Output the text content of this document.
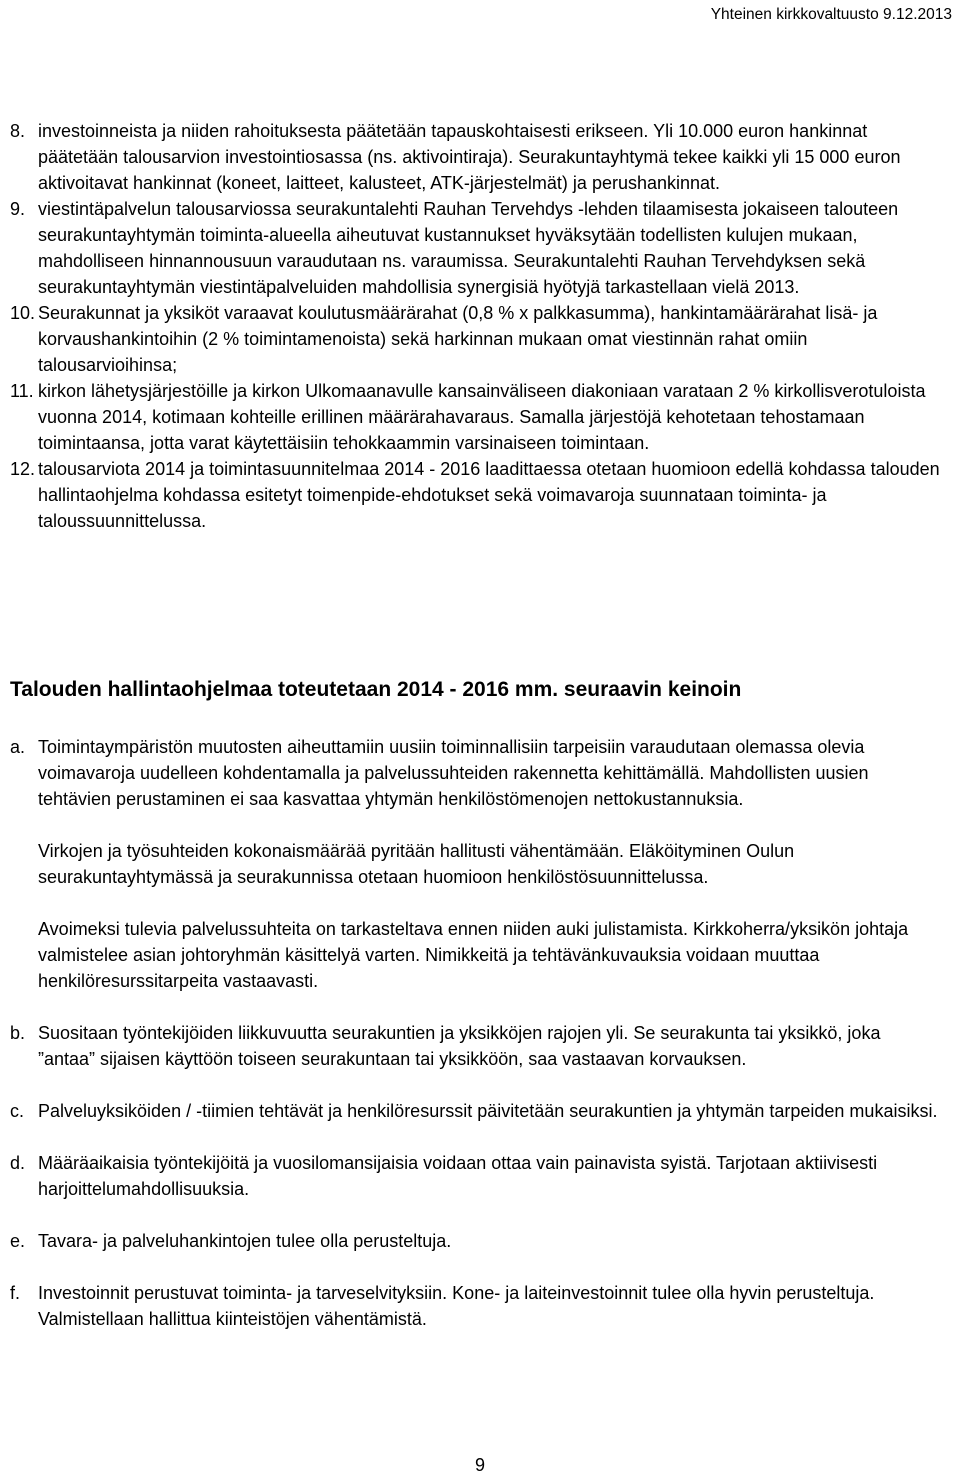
Yhteinen kirkkovaltuusto 9.12.2013
8. investoinneista ja niiden rahoituksesta päätetään tapauskohtaisesti erikseen. Yli 10.000 euron hankinnat päätetään talousarvion investointiosassa (ns. aktivointiraja). Seurakuntayhtymä tekee kaikki yli 15 000 euron aktivoitavat hankinnat (koneet, laitteet, kalusteet, ATK-järjestelmät) ja perushankinnat.
9. viestintäpalvelun talousarviossa seurakuntalehti Rauhan Tervehdys -lehden tilaamisesta jokaiseen talouteen seurakuntayhtymän toiminta-alueella aiheutuvat kustannukset hyväksytään todellisten kulujen mukaan, mahdolliseen hinnannousuun varaudutaan ns. varaumissa. Seurakuntalehti Rauhan Tervehdyksen sekä seurakuntayhtymän viestintäpalveluiden mahdollisia synergisiä hyötyjä tarkastellaan vielä 2013.
10. Seurakunnat ja yksiköt varaavat koulutusmäärärahat (0,8 % x palkkasumma), hankintamäärärahat lisä- ja korvaushankintoihin (2 % toimintamenoista) sekä harkinnan mukaan omat viestinnän rahat omiin talousarvioihinsa;
11. kirkon lähetysjärjestöille ja kirkon Ulkomaanavulle kansainväliseen diakoniaan varataan 2 % kirkollisverotuloista vuonna 2014, kotimaan kohteille erillinen määrärahavaraus. Samalla järjestöjä kehotetaan tehostamaan toimintaansa, jotta varat käytettäisiin tehokkaammin varsinaiseen toimintaan.
12. talousarviota 2014 ja toimintasuunnitelmaa 2014 - 2016 laadittaessa otetaan huomioon edellä kohdassa talouden hallintaohjelma kohdassa esitetyt toimenpide-ehdotukset sekä voimavaroja suunnataan toiminta- ja taloussuunnittelussa.
Talouden hallintaohjelmaa toteutetaan 2014 - 2016 mm. seuraavin keinoin
a. Toimintaympäristön muutosten aiheuttamiin uusiin toiminnallisiin tarpeisiin varaudutaan olemassa olevia voimavaroja uudelleen kohdentamalla ja palvelussuhteiden rakennetta kehittämällä. Mahdollisten uusien tehtävien perustaminen ei saa kasvattaa yhtymän henkilöstömenojen nettokustannuksia.

Virkojen ja työsuhteiden kokonaismäärää pyritään hallitusti vähentämään. Eläköityminen Oulun seurakuntayhtymässä ja seurakunnissa otetaan huomioon henkilöstösuunnittelussa.

Avoimeksi tulevia palvelussuhteita on tarkasteltava ennen niiden auki julistamista. Kirkkoherra/yksikön johtaja valmistelee asian johtoryhmän käsittelyä varten. Nimikkeitä ja tehtävänkuvauksia voidaan muuttaa henkilöresurssitarpeita vastaavasti.

b. Suositaan työntekijöiden liikkuvuutta seurakuntien ja yksikköjen rajojen yli. Se seurakunta tai yksikkö, joka ”antaa” sijaisen käyttöön toiseen seurakuntaan tai yksikköön, saa vastaavan korvauksen.

c. Palveluyksiköiden / -tiimien tehtävät ja henkilöresurssit päivitetään seurakuntien ja yhtymän tarpeiden mukaisiksi.

d. Määräaikaisia työntekijöitä ja vuosilomansijaisia voidaan ottaa vain painavista syistä. Tarjotaan aktiivisesti harjoittelumahdollisuuksia.

e. Tavara- ja palveluhankintojen tulee olla perusteltuja.

f. Investoinnit perustuvat toiminta- ja tarveselvityksiin. Kone- ja laiteinvestoinnit tulee olla hyvin perusteltuja. Valmistellaan hallittua kiinteistöjen vähentämistä.

9
